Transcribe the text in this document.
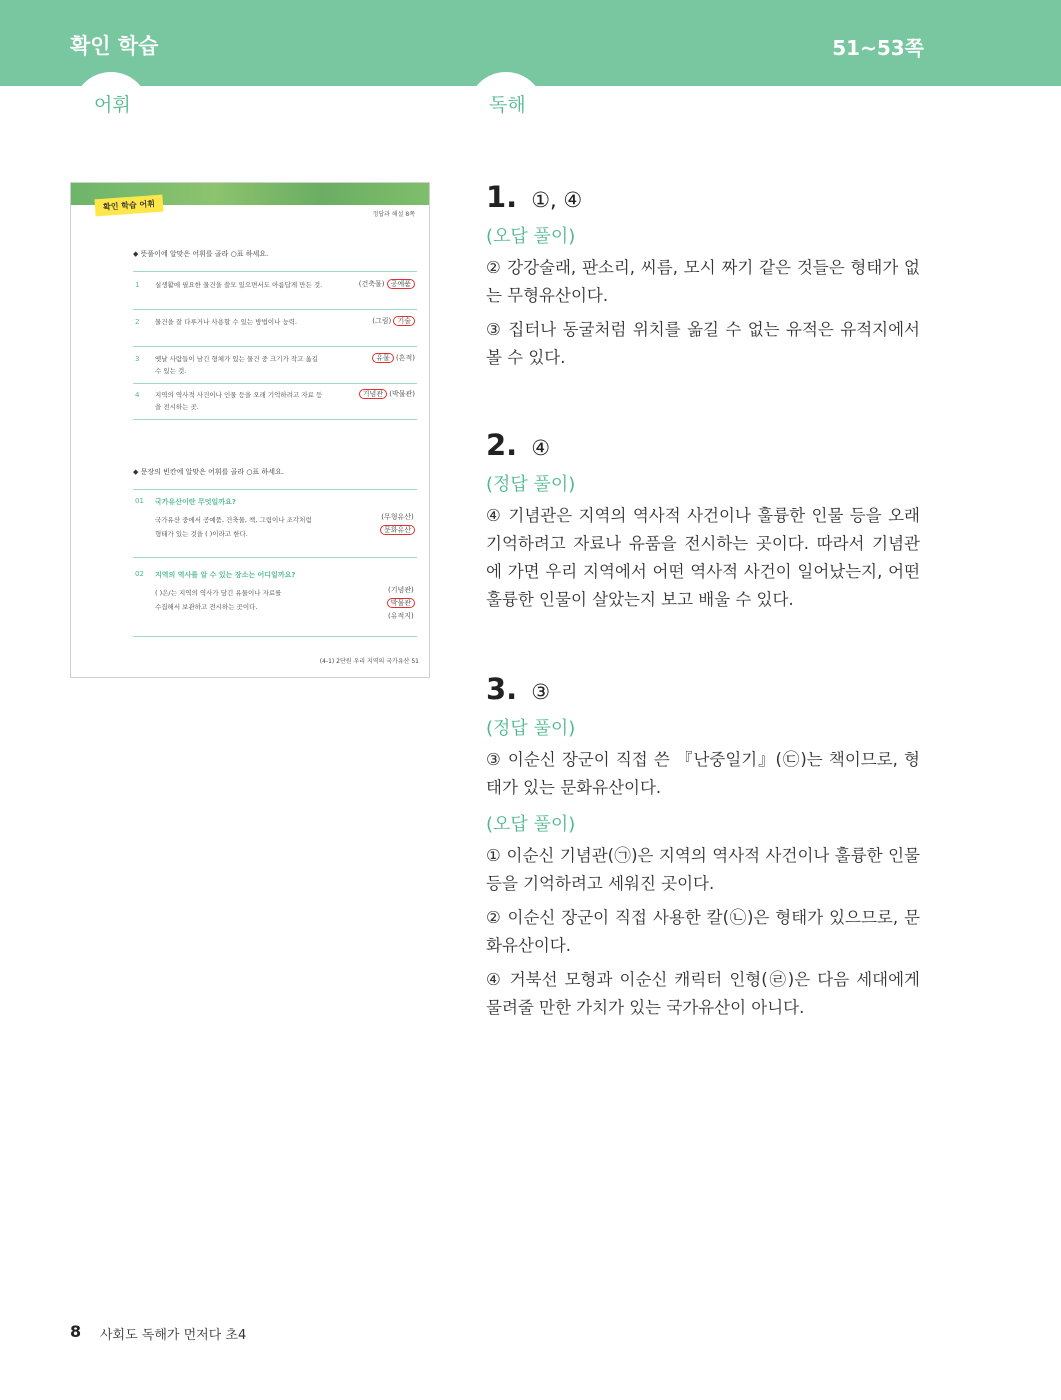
확인 학습	51~53쪽
어휘	독해
확인 학습 어휘
정답과 해설 8쪽
◆ 뜻풀이에 알맞은 어휘를 골라 ○표 하세요.
1 실생활에 필요한 물건을 쓸모 있으면서도 아름답게 만든 것.	(건축물) 공예품
2 물건을 잘 다루거나 사용할 수 있는 방법이나 능력.	(그림) 기술
3 옛날 사람들이 남긴 형체가 있는 물건 중 크기가 작고 옮길 수 있는 것.
유물 (흔적)
4 지역의 역사적 사건이나 인물 등을 오래 기억하려고 자료 등을 전시하는 곳.
기념관 (박물관)
◆ 문장의 빈칸에 알맞은 어휘를 골라 ○표 하세요.
01 국가유산이란 무엇일까요?
국가유산 중에서 공예품, 건축물, 책, 그림이나 조각처럼
형태가 있는 것을 ( )이라고 한다.
(무형유산)
문화유산
02 지역의 역사를 알 수 있는 장소는 어디일까요?
( )은/는 지역의 역사가 담긴 유물이나 자료를
수집해서 보관하고 전시하는 곳이다.
(기념관)
박물관
(유적지)
(4-1) 2단원 우리 지역의 국가유산 51
1. ①, ④
(오답 풀이)
② 강강술래, 판소리, 씨름, 모시 짜기 같은 것들은 형태가 없는 무형유산이다.
③ 집터나 동굴처럼 위치를 옮길 수 없는 유적은 유적지에서 볼 수 있다.
2. ④
(정답 풀이)
④ 기념관은 지역의 역사적 사건이나 훌륭한 인물 등을 오래 기억하려고 자료나 유품을 전시하는 곳이다. 따라서 기념관에 가면 우리 지역에서 어떤 역사적 사건이 일어났는지, 어떤 훌륭한 인물이 살았는지 보고 배울 수 있다.
3. ③
(정답 풀이)
③ 이순신 장군이 직접 쓴 『난중일기』(㉢)는 책이므로, 형태가 있는 문화유산이다.
(오답 풀이)
① 이순신 기념관(㉠)은 지역의 역사적 사건이나 훌륭한 인물 등을 기억하려고 세워진 곳이다.
② 이순신 장군이 직접 사용한 칼(㉡)은 형태가 있으므로, 문화유산이다.
④ 거북선 모형과 이순신 캐릭터 인형(㉣)은 다음 세대에게 물려줄 만한 가치가 있는 국가유산이 아니다.
8 사회도 독해가 먼저다 초4
